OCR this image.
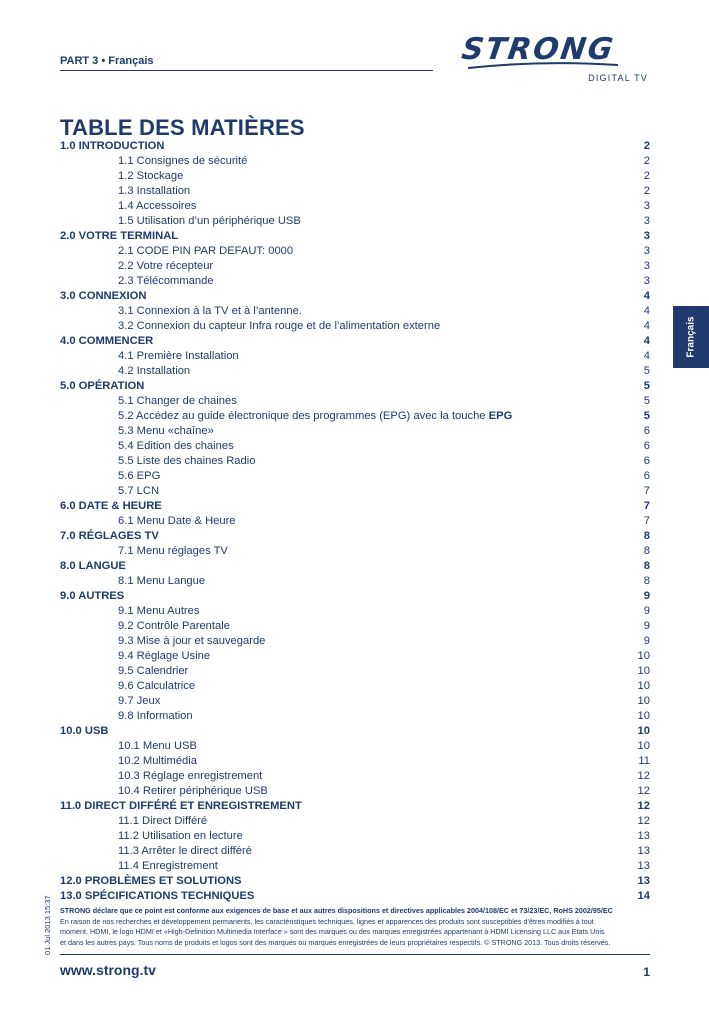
PART 3 • Français	STRONG
DIGITAL TV
Français
01 Jul 2013 15:37
TABLE DES MATIÈRES
1.0 INTRODUCTION	2
1.1 Consignes de sécurité	2
1.2 Stockage	2
1.3 Installation	2
1.4 Accessoires	3
1.5 Utilisation d’un périphérique USB	3
2.0 VOTRE TERMINAL	3
2.1 CODE PIN PAR DEFAUT: 0000	3
2.2 Votre récepteur	3
2.3 Télécommande	3
3.0 CONNEXION	4
3.1 Connexion à la TV et à l’antenne.	4
3.2 Connexion du capteur Infra rouge et de l’alimentation externe	4
4.0 COMMENCER	4
4.1 Première Installation	4
4.2 Installation	5
5.0 OPÉRATION	5
5.1 Changer de chaines	5
5.2 Accédez au guide électronique des programmes (EPG) avec la touche EPG	5
5.3 Menu «chaîne»	6
5.4 Edition des chaines	6
5.5 Liste des chaines Radio	6
5.6 EPG	6
5.7 LCN	7
6.0 DATE & HEURE	7
6.1 Menu Date & Heure	7
7.0 RÉGLAGES TV	8
7.1 Menu réglages TV	8
8.0 LANGUE	8
8.1 Menu Langue	8
9.0 AUTRES	9
9.1 Menu Autres	9
9.2 Contrôle Parentale	9
9.3 Mise à jour et sauvegarde	9
9.4 Réglage Usine	10
9.5 Calendrier	10
9.6 Calculatrice	10
9.7 Jeux	10
9.8 Information	10
10.0 USB	10
10.1 Menu USB	10
10.2 Multimédia	11
10.3 Réglage enregistrement	12
10.4 Retirer périphérique USB	12
11.0 DIRECT DIFFÉRÉ ET ENREGISTREMENT	12
11.1 Direct Différé	12
11.2 Utilisation en lecture	13
11.3 Arrêter le direct différé	13
11.4 Enregistrement	13
12.0 PROBLÈMES ET SOLUTIONS	13
13.0 SPÉCIFICATIONS TECHNIQUES	14
STRONG déclare que ce point est conforme aux exigences de base et aux autres dispositions et directives applicables 2004/108/EC et 73/23/EC, RoHS 2002/95/EC
En raison de nos recherches et développement permanents, les caractéristiques techniques, lignes et apparences des produits sont susceptibles d’êtres modifiés à tout
moment. HDMI, le logo HDMI et «High-Definition Multimedia Interface » sont des marques ou des marques enregistrées appartenant à HDMI Licensing LLC aux Etats Unis
et dans les autres pays. Tous noms de produits et logos sont des marques ou marques enregistrées de leurs propriétaires respectifs. © STRONG 2013. Tous droits réservés.
www.strong.tv	1
